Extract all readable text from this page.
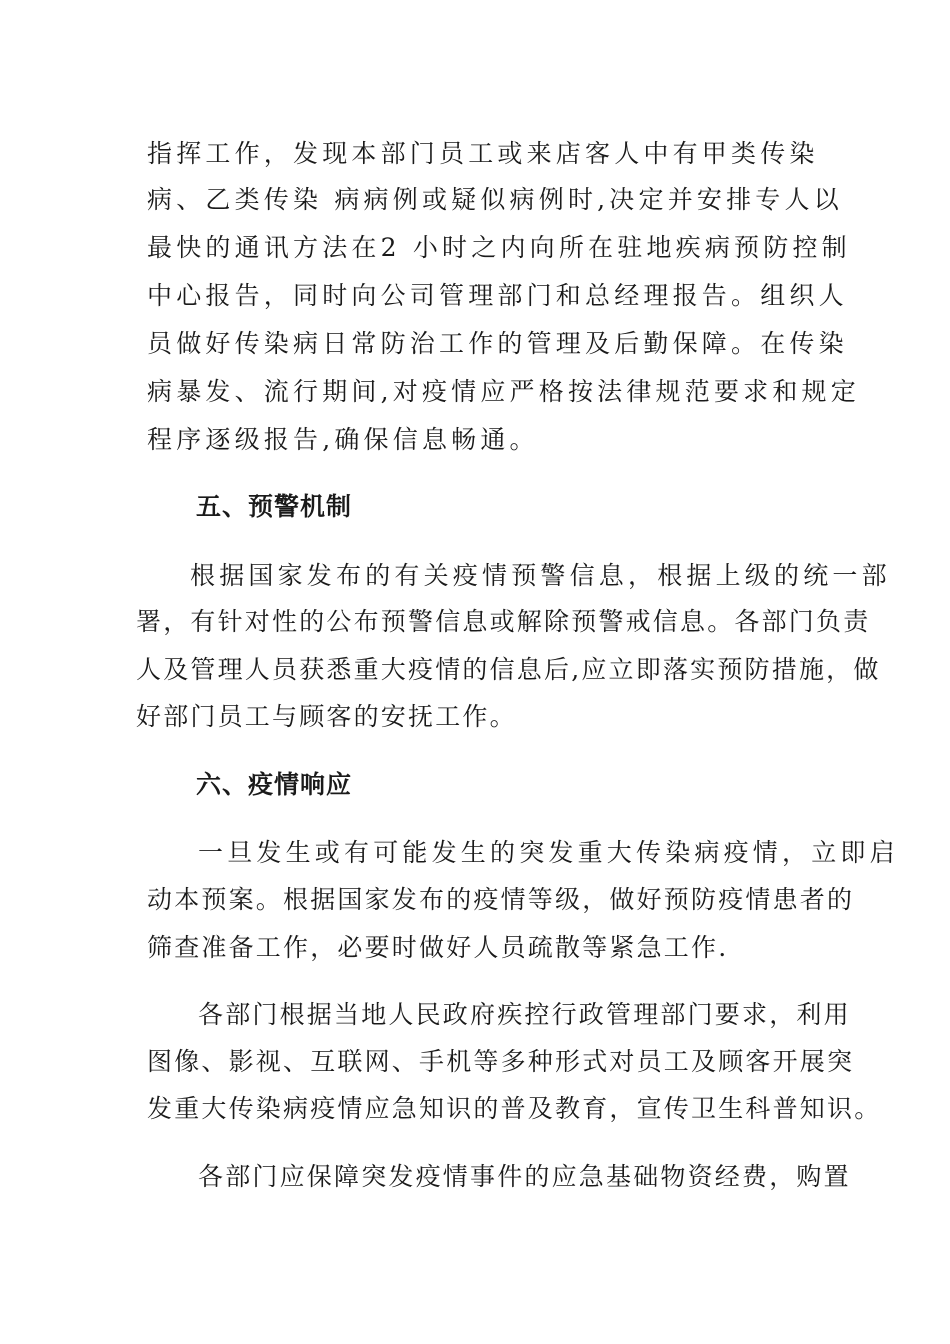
指挥工作，发现本部门员工或来店客人中有甲类传染
病、乙类传染 病病例或疑似病例时,决定并安排专人以
最快的通讯方法在2 小时之内向所在驻地疾病预防控制
中心报告，同时向公司管理部门和总经理报告。组织人
员做好传染病日常防治工作的管理及后勤保障。在传染
病暴发、流行期间,对疫情应严格按法律规范要求和规定
程序逐级报告,确保信息畅通。
五、预警机制
根据国家发布的有关疫情预警信息，根据上级的统一部
署，有针对性的公布预警信息或解除预警戒信息。各部门负责
人及管理人员获悉重大疫情的信息后,应立即落实预防措施，做
好部门员工与顾客的安抚工作。
六、疫情响应
一旦发生或有可能发生的突发重大传染病疫情，立即启
动本预案。根据国家发布的疫情等级，做好预防疫情患者的
筛查准备工作，必要时做好人员疏散等紧急工作.
各部门根据当地人民政府疾控行政管理部门要求，利用
图像、影视、互联网、手机等多种形式对员工及顾客开展突
发重大传染病疫情应急知识的普及教育，宣传卫生科普知识。
各部门应保障突发疫情事件的应急基础物资经费，购置
